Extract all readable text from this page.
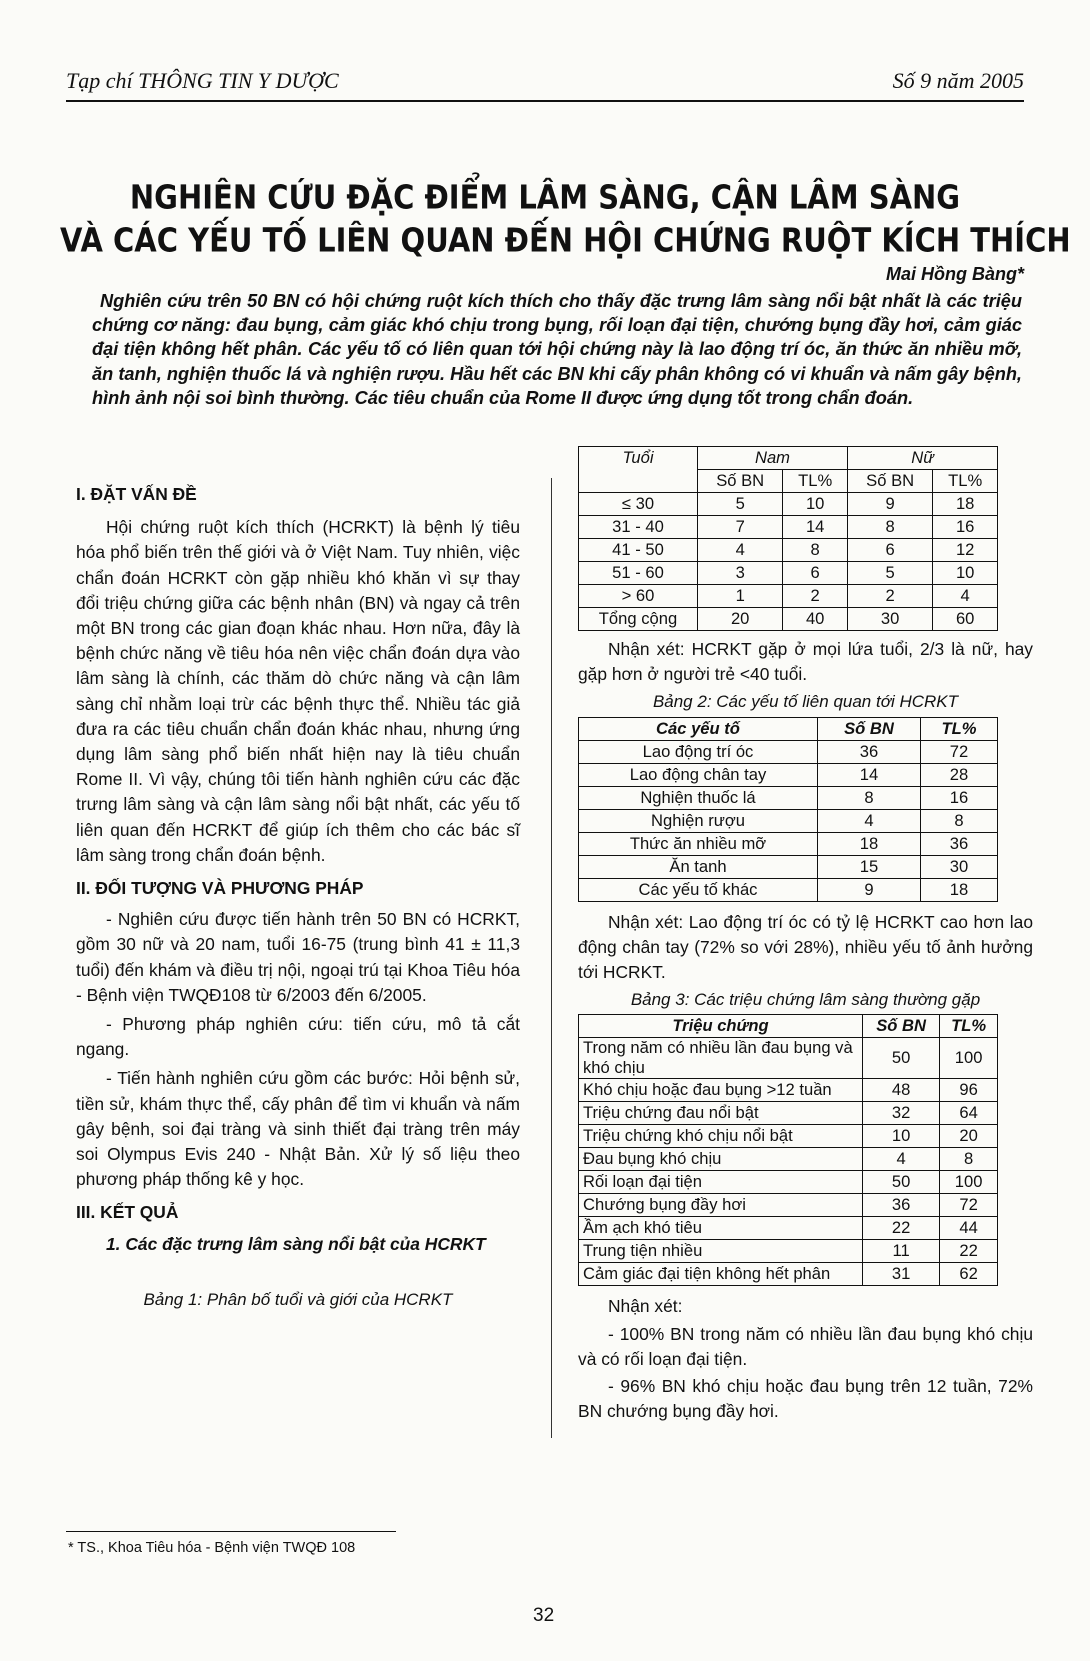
Tạp chí THÔNG TIN Y DƯỢC	Số 9 năm 2005
NGHIÊN CỨU ĐẶC ĐIỂM LÂM SÀNG, CẬN LÂM SÀNG
VÀ CÁC YẾU TỐ LIÊN QUAN ĐẾN HỘI CHỨNG RUỘT KÍCH THÍCH
Mai Hồng Bàng*
Nghiên cứu trên 50 BN có hội chứng ruột kích thích cho thấy đặc trưng lâm sàng nổi bật nhất là các triệu chứng cơ năng: đau bụng, cảm giác khó chịu trong bụng, rối loạn đại tiện, chướng bụng đầy hơi, cảm giác đại tiện không hết phân. Các yếu tố có liên quan tới hội chứng này là lao động trí óc, ăn thức ăn nhiều mỡ, ăn tanh, nghiện thuốc lá và nghiện rượu. Hầu hết các BN khi cấy phân không có vi khuẩn và nấm gây bệnh, hình ảnh nội soi bình thường. Các tiêu chuẩn của Rome II được ứng dụng tốt trong chẩn đoán.

I. ĐẶT VẤN ĐỀ

Hội chứng ruột kích thích (HCRKT) là bệnh lý tiêu hóa phổ biến trên thế giới và ở Việt Nam. Tuy nhiên, việc chẩn đoán HCRKT còn gặp nhiều khó khăn vì sự thay đổi triệu chứng giữa các bệnh nhân (BN) và ngay cả trên một BN trong các gian đoạn khác nhau. Hơn nữa, đây là bệnh chức năng về tiêu hóa nên việc chẩn đoán dựa vào lâm sàng là chính, các thăm dò chức năng và cận lâm sàng chỉ nhằm loại trừ các bệnh thực thể. Nhiều tác giả đưa ra các tiêu chuẩn chẩn đoán khác nhau, nhưng ứng dụng lâm sàng phổ biến nhất hiện nay là tiêu chuẩn Rome II. Vì vậy, chúng tôi tiến hành nghiên cứu các đặc trưng lâm sàng và cận lâm sàng nổi bật nhất, các yếu tố liên quan đến HCRKT để giúp ích thêm cho các bác sĩ lâm sàng trong chẩn đoán bệnh.

II. ĐỐI TƯỢNG VÀ PHƯƠNG PHÁP

- Nghiên cứu được tiến hành trên 50 BN có HCRKT, gồm 30 nữ và 20 nam, tuổi 16-75 (trung bình 41 ± 11,3 tuổi) đến khám và điều trị nội, ngoại trú tại Khoa Tiêu hóa - Bệnh viện TWQĐ108 từ 6/2003 đến 6/2005.

- Phương pháp nghiên cứu: tiến cứu, mô tả cắt ngang.

- Tiến hành nghiên cứu gồm các bước: Hỏi bệnh sử, tiền sử, khám thực thể, cấy phân để tìm vi khuẩn và nấm gây bệnh, soi đại tràng và sinh thiết đại tràng trên máy soi Olympus Evis 240 - Nhật Bản. Xử lý số liệu theo phương pháp thống kê y học.

III. KẾT QUẢ

1. Các đặc trưng lâm sàng nổi bật của HCRKT

Bảng 1: Phân bố tuổi và giới của HCRKT

Tuổi	Nam		Nữ	
	Số BN	TL%	Số BN	TL%
≤ 30	5	10	9	18
31 - 40	7	14	8	16
41 - 50	4	8	6	12
51 - 60	3	6	5	10
> 60	1	2	2	4
Tổng cộng	20	40	30	60

Nhận xét: HCRKT gặp ở mọi lứa tuổi, 2/3 là nữ, hay gặp hơn ở người trẻ <40 tuổi.

Bảng 2: Các yếu tố liên quan tới HCRKT

Các yếu tố	Số BN	TL%
Lao động trí óc	36	72
Lao động chân tay	14	28
Nghiện thuốc lá	8	16
Nghiện rượu	4	8
Thức ăn nhiều mỡ	18	36
Ăn tanh	15	30
Các yếu tố khác	9	18

Nhận xét: Lao động trí óc có tỷ lệ HCRKT cao hơn lao động chân tay (72% so với 28%), nhiều yếu tố ảnh hưởng tới HCRKT.

Bảng 3: Các triệu chứng lâm sàng thường gặp

Triệu chứng	Số BN	TL%
Trong năm có nhiều lần đau bụng và khó chịu	50	100
Khó chịu hoặc đau bụng >12 tuần	48	96
Triệu chứng đau nổi bật	32	64
Triệu chứng khó chịu nổi bật	10	20
Đau bụng khó chịu	4	8
Rối loạn đại tiện	50	100
Chướng bụng đầy hơi	36	72
Ầm ạch khó tiêu	22	44
Trung tiện nhiều	11	22
Cảm giác đại tiện không hết phân	31	62

Nhận xét:

- 100% BN trong năm có nhiều lần đau bụng khó chịu và có rối loạn đại tiện.

- 96% BN khó chịu hoặc đau bụng trên 12 tuần, 72% BN chướng bụng đầy hơi.

* TS., Khoa Tiêu hóa - Bệnh viện TWQĐ 108
32
